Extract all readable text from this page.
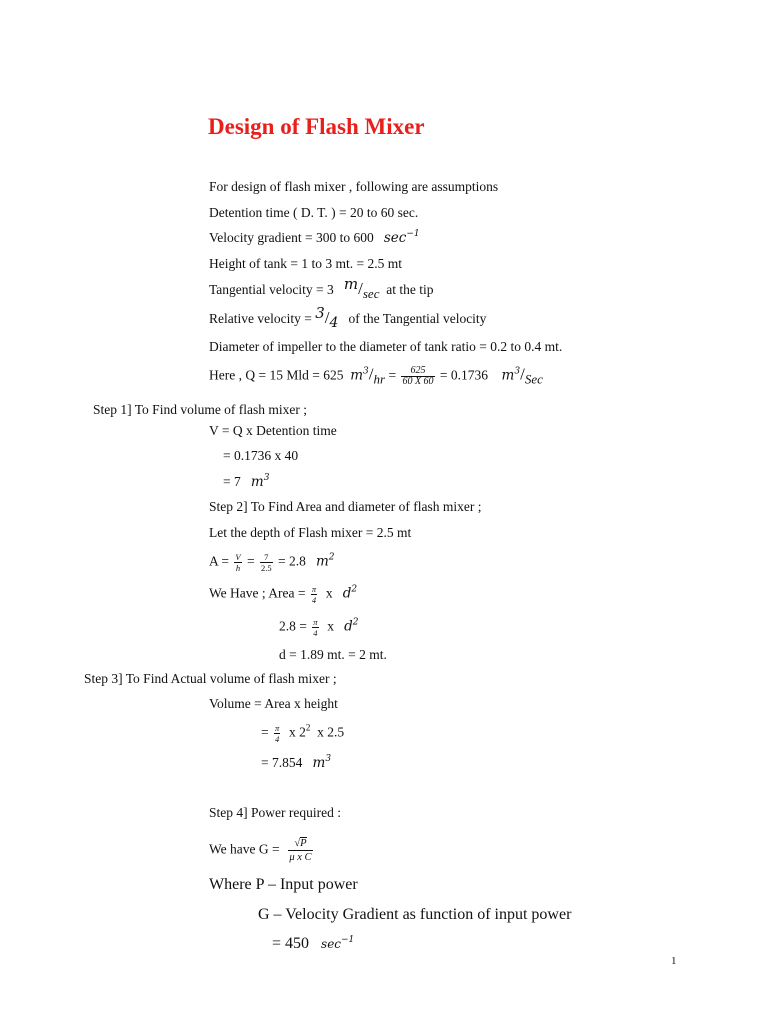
Design of Flash Mixer
For design of flash mixer , following are assumptions
Detention time ( D. T. ) = 20 to 60 sec.
Velocity gradient = 300 to 600 $\sec^{-1}$
Height of tank = 1 to 3 mt. = 2.5 mt
Tangential velocity = 3 m/sec at the tip
Relative velocity = 3/4 of the Tangential velocity
Diameter of impeller to the diameter of tank ratio = 0.2 to 0.4 mt.
Here , Q = 15 Mld = 625 $m^3/hr = \frac{625}{60 X 60} = 0.1736$ $m^3$/Sec
Step 1] To Find volume of flash mixer ;
V = Q x Detention time
= 0.1736 x 40
= 7 $m^3$
Step 2] To Find Area and diameter of flash mixer ;
Let the depth of Flash mixer = 2.5 mt
$A = \frac{V}{h} = \frac{7}{2.5} = 2.8$ $m^2$
We Have ; Area = $\frac{\pi}{4}$ x $d^2$
$2.8 = \frac{\pi}{4}$ x $d^2$
d = 1.89 mt. = 2 mt.
Step 3] To Find Actual volume of flash mixer ;
Volume = Area x height
= $\frac{\pi}{4}$ x $2^2$ x 2.5
= 7.854 $m^3$
Step 4] Power required :
We have $G = \frac{√P}{\text{μ x C}}$
Where P – Input power
G – Velocity Gradient as function of input power
= 450 $\sec^{-1}$
1
